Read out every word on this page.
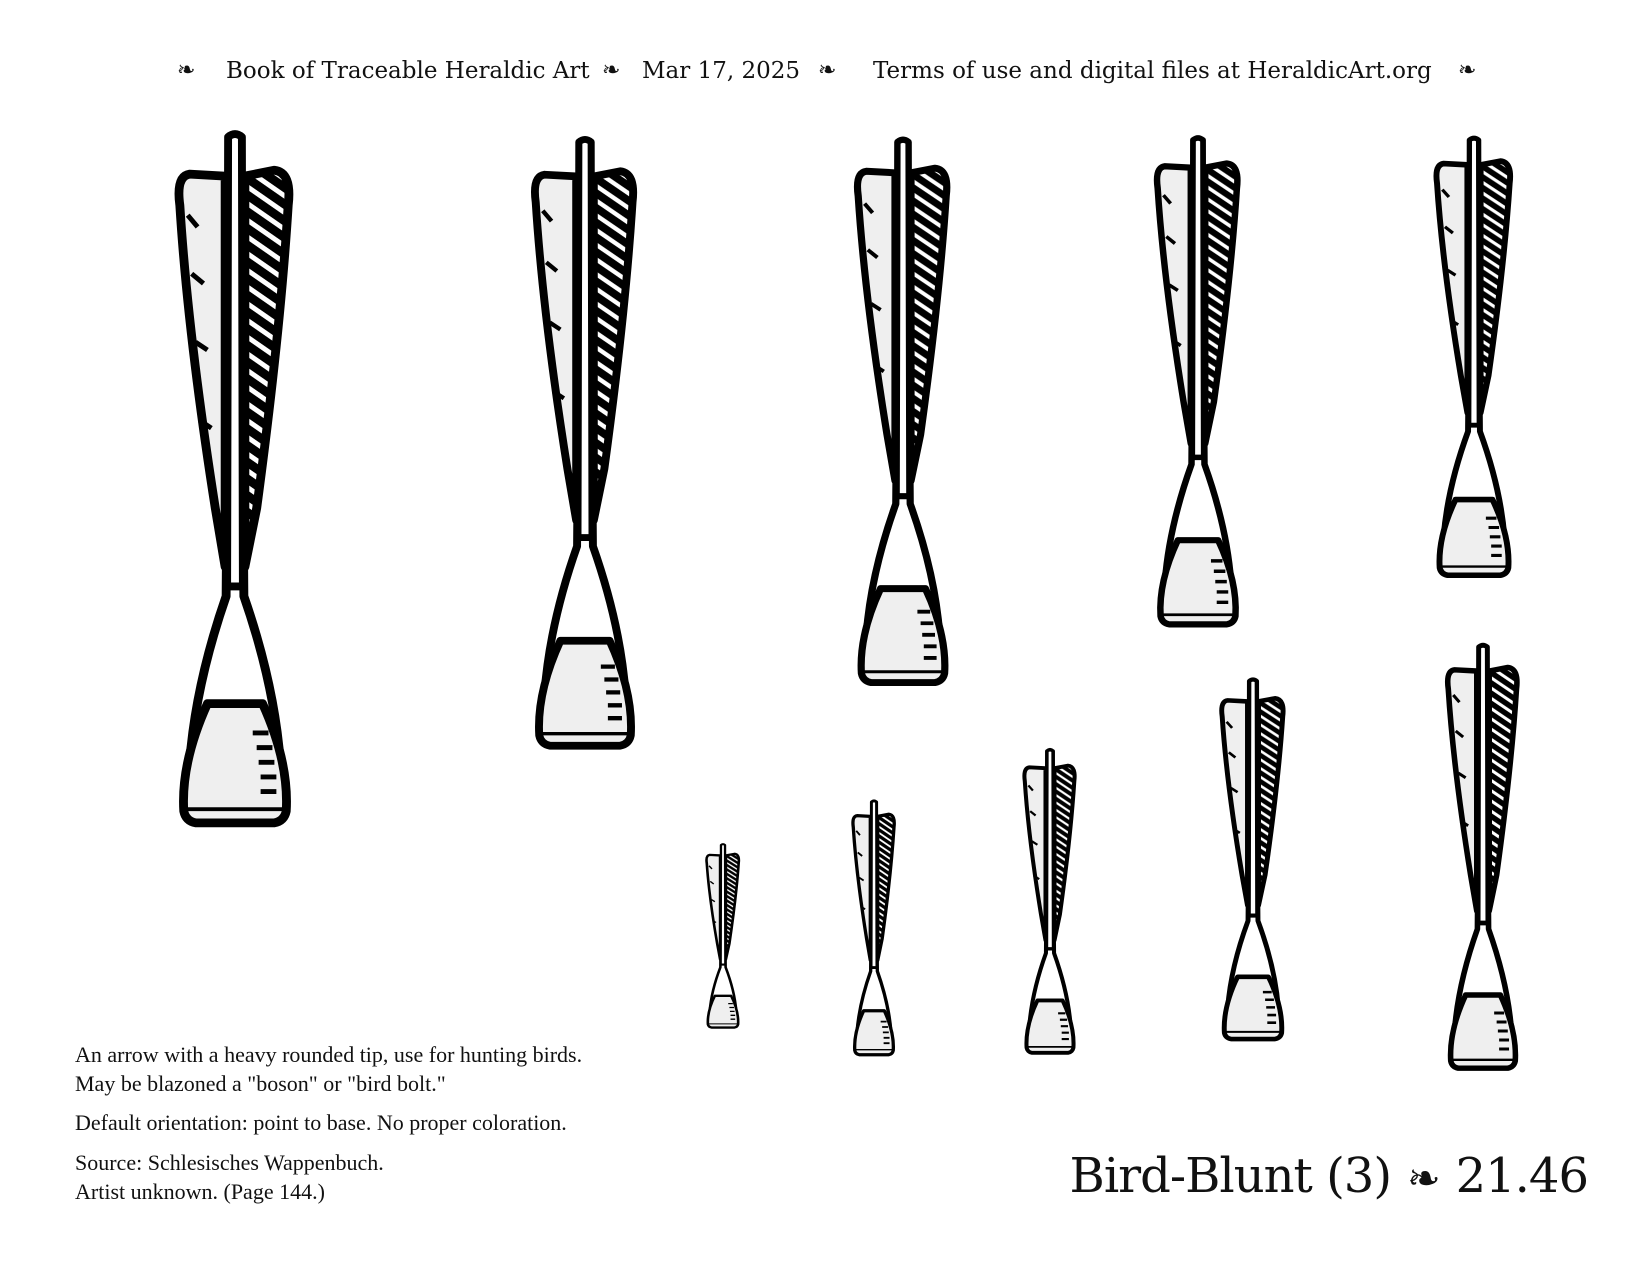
❧ Book of Traceable Heraldic Art ❧ Mar 17, 2025 ❧ Terms of use and digital files at HeraldicArt.org ❧

An arrow with a heavy rounded tip, use for hunting birds.
May be blazoned a "boson" or "bird bolt."

Default orientation: point to base. No proper coloration.

Source: Schlesisches Wappenbuch.
Artist unknown. (Page 144.)	Bird-Blunt (3) ❧ 21.46
